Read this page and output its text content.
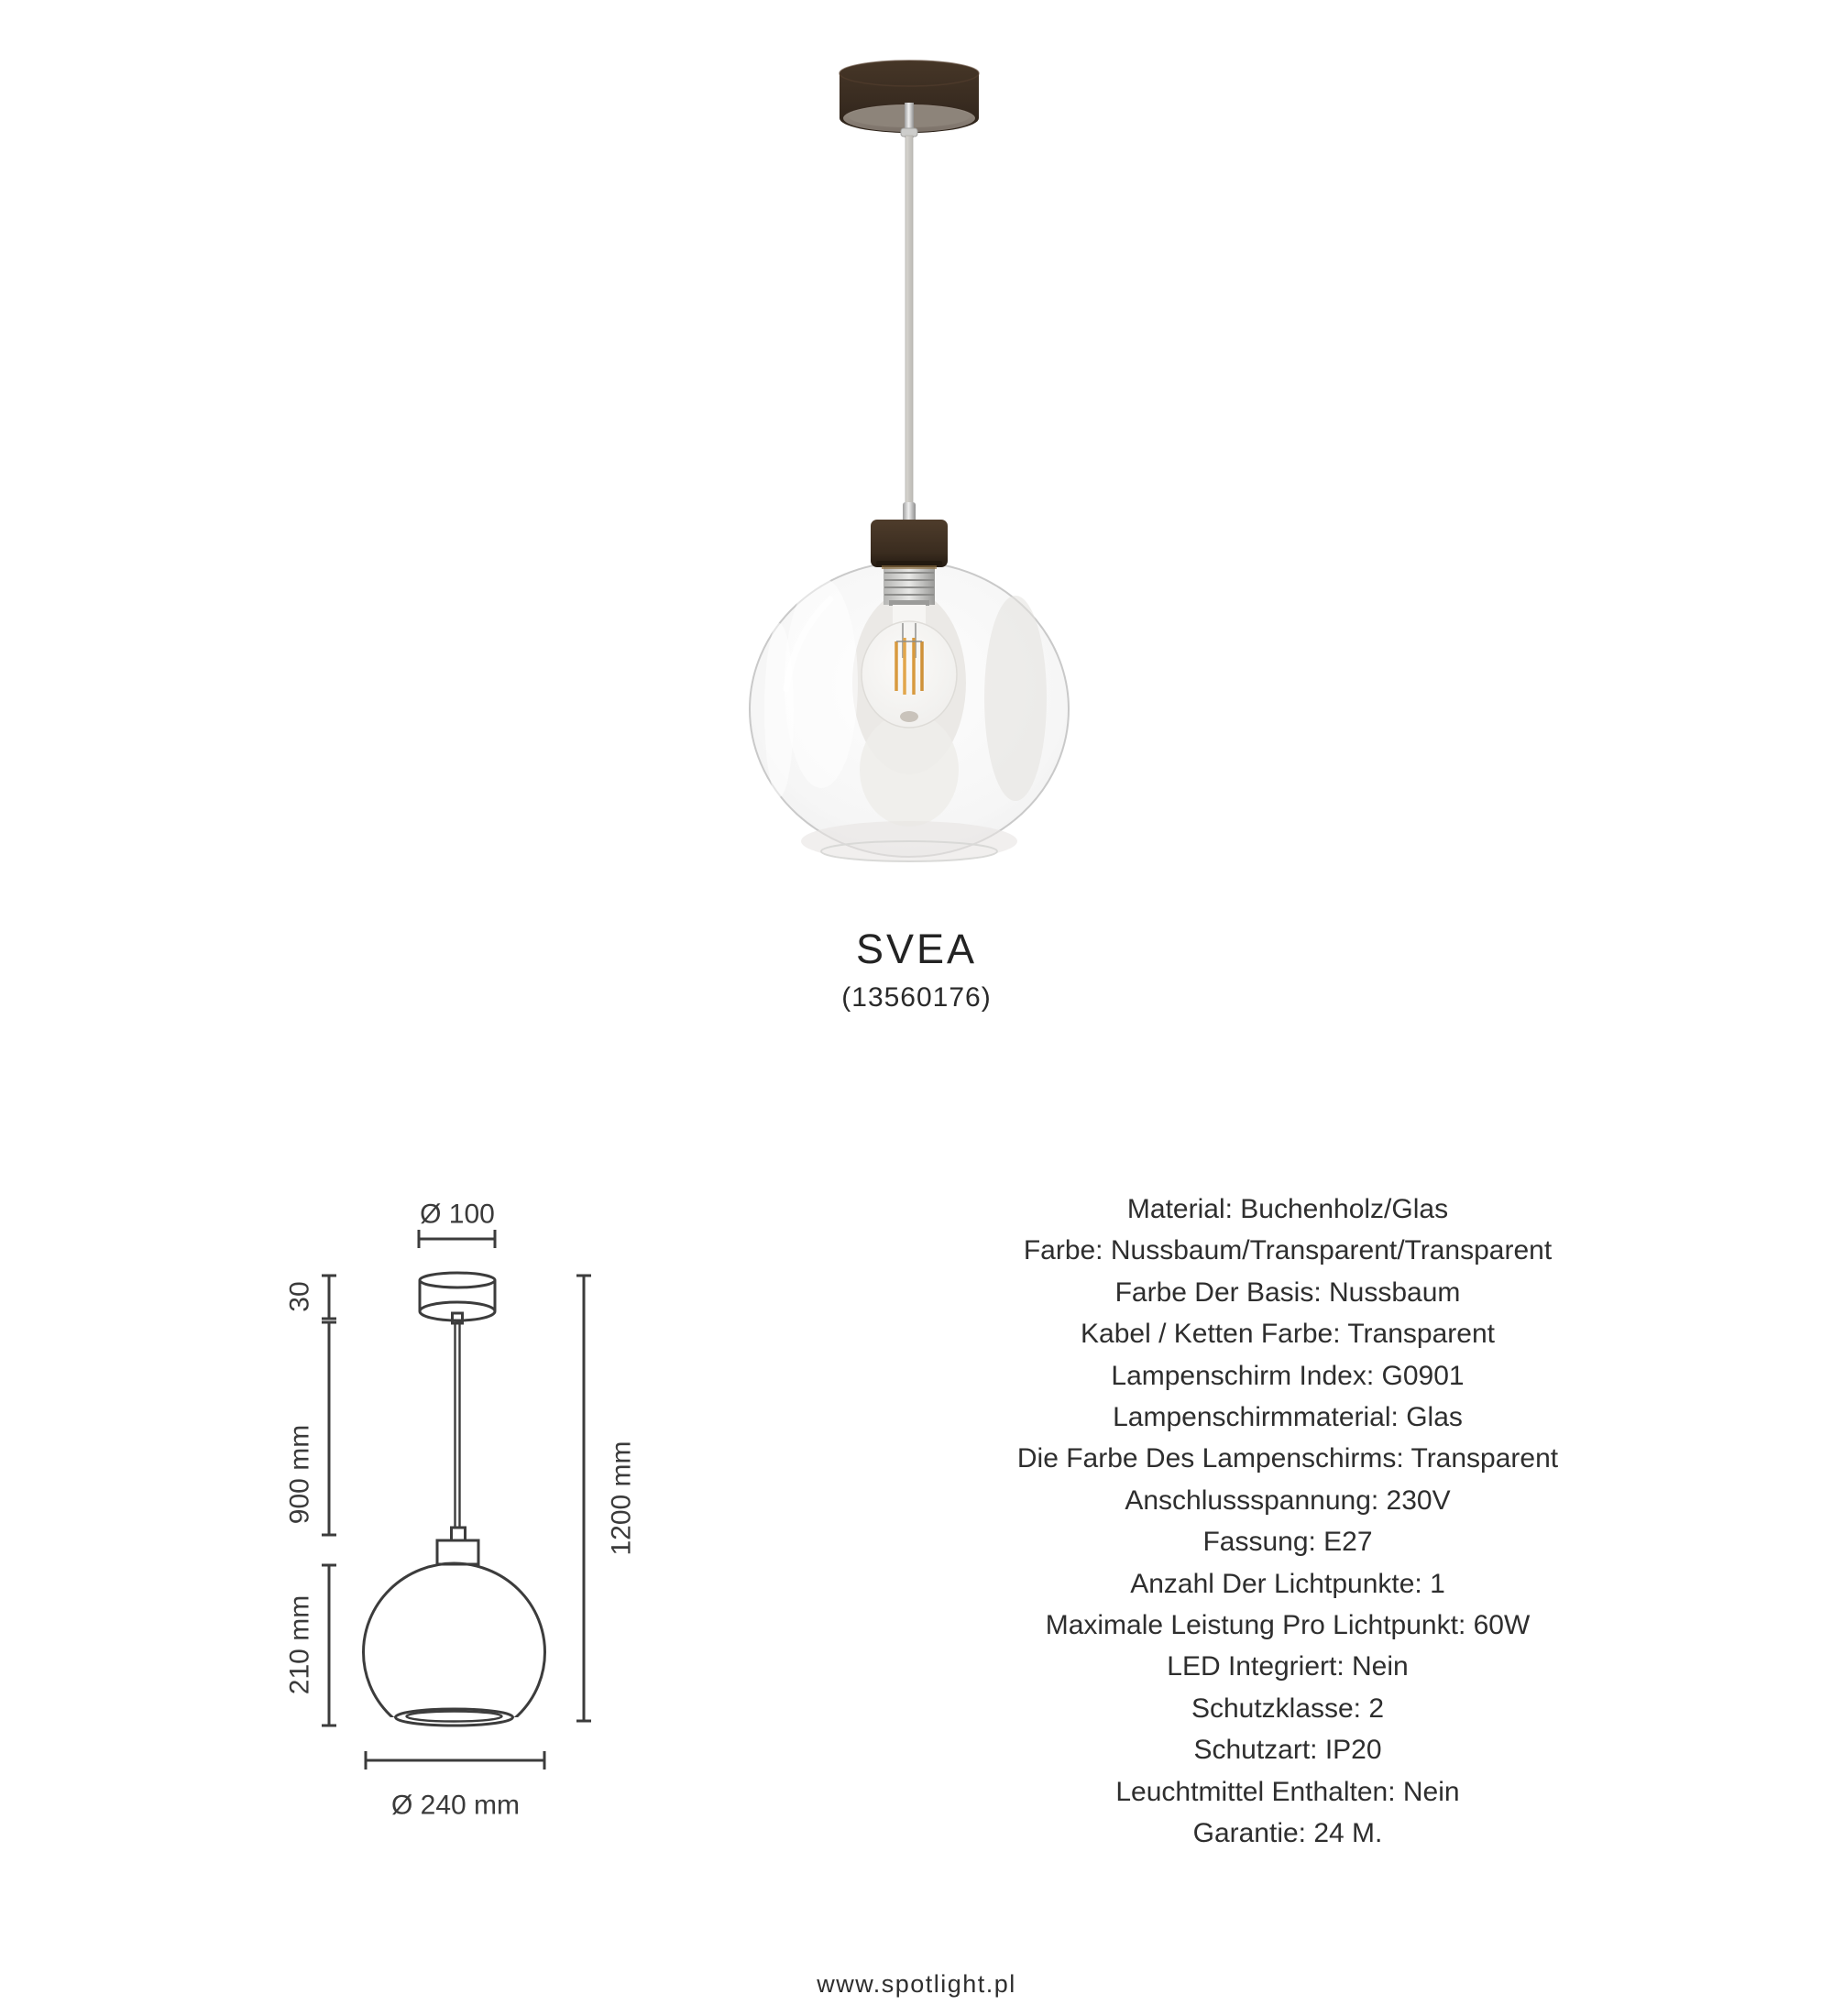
SVEA
(13560176)
Ø 100
30
900 mm
210 mm
1200 mm
Ø 240 mm
Material: Buchenholz/Glas
Farbe: Nussbaum/Transparent/Transparent
Farbe Der Basis: Nussbaum
Kabel / Ketten Farbe: Transparent
Lampenschirm Index: G0901
Lampenschirmmaterial: Glas
Die Farbe Des Lampenschirms: Transparent
Anschlussspannung: 230V
Fassung: E27
Anzahl Der Lichtpunkte: 1
Maximale Leistung Pro Lichtpunkt: 60W
LED Integriert: Nein
Schutzklasse: 2
Schutzart: IP20
Leuchtmittel Enthalten: Nein
Garantie: 24 M.
www.spotlight.pl
